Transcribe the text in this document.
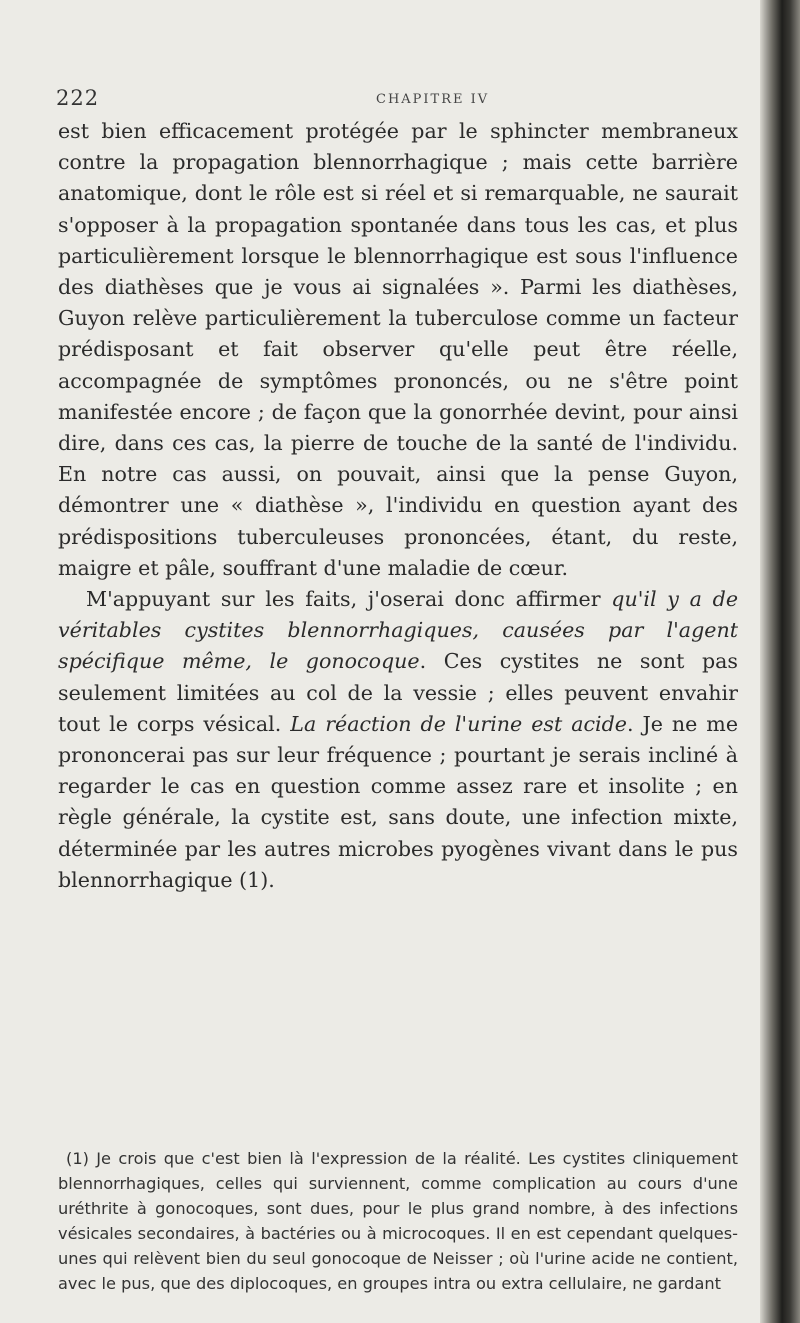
222	CHAPITRE IV

est bien efficacement protégée par le sphincter membraneux contre la propagation blennorrhagique ; mais cette barrière anatomique, dont le rôle est si réel et si remarquable, ne saurait s'opposer à la propagation spontanée dans tous les cas, et plus particulièrement lorsque le blennorrhagique est sous l'influence des diathèses que je vous ai signalées ». Parmi les diathèses, Guyon relève particulièrement la tuberculose comme un facteur prédisposant et fait observer qu'elle peut être réelle, accompagnée de symptômes prononcés, ou ne s'être point manifestée encore ; de façon que la gonorrhée devint, pour ainsi dire, dans ces cas, la pierre de touche de la santé de l'individu. En notre cas aussi, on pouvait, ainsi que la pense Guyon, démontrer une « diathèse », l'individu en question ayant des prédispositions tuberculeuses prononcées, étant, du reste, maigre et pâle, souffrant d'une maladie de cœur.

M'appuyant sur les faits, j'oserai donc affirmer qu'il y a de véritables cystites blennorrhagiques, causées par l'agent spécifique même, le gonocoque. Ces cystites ne sont pas seulement limitées au col de la vessie ; elles peuvent envahir tout le corps vésical. La réaction de l'urine est acide. Je ne me prononcerai pas sur leur fréquence ; pourtant je serais incliné à regarder le cas en question comme assez rare et insolite ; en règle générale, la cystite est, sans doute, une infection mixte, déterminée par les autres microbes pyogènes vivant dans le pus blennorrhagique (1).

(1) Je crois que c'est bien là l'expression de la réalité. Les cystites cliniquement blennorrhagiques, celles qui surviennent, comme complication au cours d'une uréthrite à gonocoques, sont dues, pour le plus grand nombre, à des infections vésicales secondaires, à bactéries ou à microcoques. Il en est cependant quelques-unes qui relèvent bien du seul gonocoque de Neisser ; où l'urine acide ne contient, avec le pus, que des diplocoques, en groupes intra ou extra cellulaire, ne gardant
